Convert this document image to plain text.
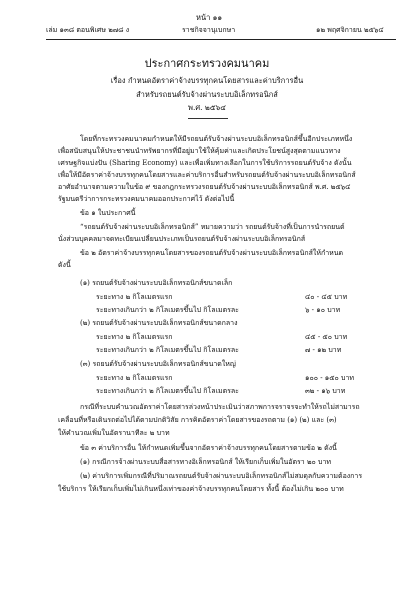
หน้า ๑๑
เล่ม ๑๓๘ ตอนพิเศษ ๒๗๘ ง	ราชกิจจานุเบกษา	๑๒ พฤศจิกายน ๒๕๖๔
ประกาศกระทรวงคมนาคม
เรื่อง กำหนดอัตราค่าจ้างบรรทุกคนโดยสารและค่าบริการอื่น
สำหรับรถยนต์รับจ้างผ่านระบบอิเล็กทรอนิกส์
พ.ศ. ๒๕๖๔
โดยที่กระทรวงคมนาคมกำหนดให้มีรถยนต์รับจ้างผ่านระบบอิเล็กทรอนิกส์ขึ้นอีกประเภทหนึ่ง
เพื่อสนับสนุนให้ประชาชนนำทรัพยากรที่มีอยู่มาใช้ให้คุ้มค่าและเกิดประโยชน์สูงสุดตามแนวทาง
เศรษฐกิจแบ่งปัน (Sharing Economy) และเพื่อเพิ่มทางเลือกในการใช้บริการรถยนต์รับจ้าง ดังนั้น
เพื่อให้มีอัตราค่าจ้างบรรทุกคนโดยสารและค่าบริการอื่นสำหรับรถยนต์รับจ้างผ่านระบบอิเล็กทรอนิกส์
อาศัยอำนาจตามความในข้อ ๙ ของกฎกระทรวงรถยนต์รับจ้างผ่านระบบอิเล็กทรอนิกส์ พ.ศ. ๒๕๖๔
รัฐมนตรีว่าการกระทรวงคมนาคมออกประกาศไว้ ดังต่อไปนี้
ข้อ ๑ ในประกาศนี้
“รถยนต์รับจ้างผ่านระบบอิเล็กทรอนิกส์” หมายความว่า รถยนต์รับจ้างที่เป็นการนำรถยนต์
นั่งส่วนบุคคลมาจดทะเบียนเปลี่ยนประเภทเป็นรถยนต์รับจ้างผ่านระบบอิเล็กทรอนิกส์
ข้อ ๒ อัตราค่าจ้างบรรทุกคนโดยสารของรถยนต์รับจ้างผ่านระบบอิเล็กทรอนิกส์ให้กำหนด
ดังนี้
(๑) รถยนต์รับจ้างผ่านระบบอิเล็กทรอนิกส์ขนาดเล็ก
ระยะทาง ๒ กิโลเมตรแรก	๔๐ - ๔๕ บาท
ระยะทางเกินกว่า ๒ กิโลเมตรขึ้นไป กิโลเมตรละ	๖ - ๑๐ บาท
(๒) รถยนต์รับจ้างผ่านระบบอิเล็กทรอนิกส์ขนาดกลาง
ระยะทาง ๒ กิโลเมตรแรก	๔๕ - ๕๐ บาท
ระยะทางเกินกว่า ๒ กิโลเมตรขึ้นไป กิโลเมตรละ	๗ - ๑๒ บาท
(๓) รถยนต์รับจ้างผ่านระบบอิเล็กทรอนิกส์ขนาดใหญ่
ระยะทาง ๒ กิโลเมตรแรก	๑๐๐ - ๑๕๐ บาท
ระยะทางเกินกว่า ๒ กิโลเมตรขึ้นไป กิโลเมตรละ	๓๒ - ๑๖ บาท
กรณีที่ระบบคำนวณอัตราค่าโดยสารล่วงหน้าประเมินว่าสภาพการจราจรจะทำให้รถไม่สามารถ
เคลื่อนที่หรือเดินรถต่อไปได้ตามปกติวิสัย การคิดอัตราค่าโดยสารของรถตาม (๑) (๒) และ (๓)
ให้คำนวณเพิ่มในอัตรานาทีละ ๒ บาท
ข้อ ๓ ค่าบริการอื่น ให้กำหนดเพิ่มขึ้นจากอัตราค่าจ้างบรรทุกคนโดยสารตามข้อ ๒ ดังนี้
(๑) กรณีการจ้างผ่านระบบสื่อสารทางอิเล็กทรอนิกส์ ให้เรียกเก็บเพิ่มในอัตรา ๒๐ บาท
(๒) ค่าบริการเพิ่มกรณีที่ปริมาณรถยนต์รับจ้างผ่านระบบอิเล็กทรอนิกส์ไม่สมดุลกับความต้องการ
ใช้บริการ ให้เรียกเก็บเพิ่มไม่เกินหนึ่งเท่าของค่าจ้างบรรทุกคนโดยสาร ทั้งนี้ ต้องไม่เกิน ๒๐๐ บาท
